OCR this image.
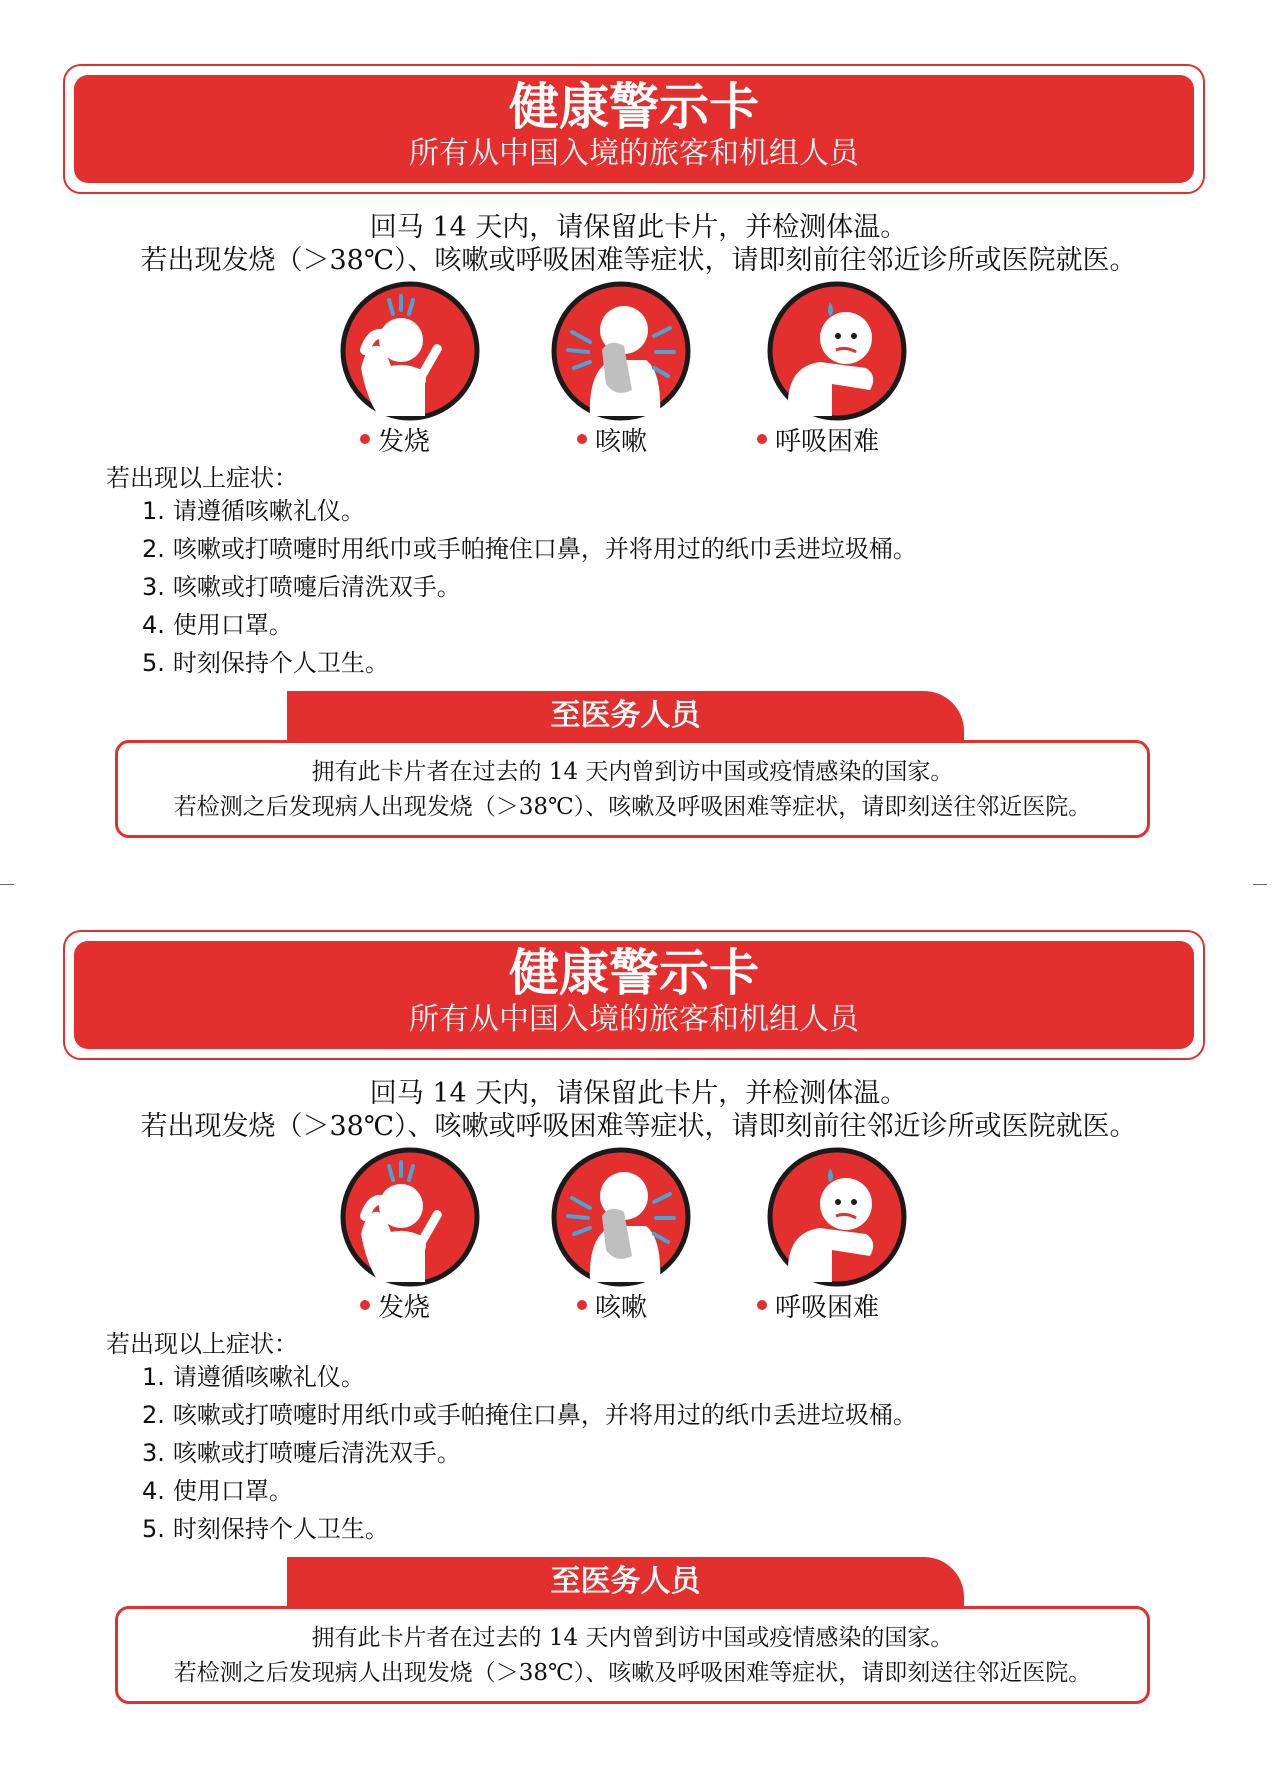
健康警示卡
所有从中国入境的旅客和机组人员
回马 14 天内，请保留此卡片，并检测体温。
若出现发烧（＞38℃）、咳嗽或呼吸困难等症状，请即刻前往邻近诊所或医院就医。
发烧	咳嗽	呼吸困难
若出现以上症状：
1. 请遵循咳嗽礼仪。
2. 咳嗽或打喷嚏时用纸巾或手帕掩住口鼻，并将用过的纸巾丢进垃圾桶。
3. 咳嗽或打喷嚏后清洗双手。
4. 使用口罩。
5. 时刻保持个人卫生。
至医务人员
拥有此卡片者在过去的 14 天内曾到访中国或疫情感染的国家。
若检测之后发现病人出现发烧（＞38℃）、咳嗽及呼吸困难等症状，请即刻送往邻近医院。
健康警示卡
所有从中国入境的旅客和机组人员
回马 14 天内，请保留此卡片，并检测体温。
若出现发烧（＞38℃）、咳嗽或呼吸困难等症状，请即刻前往邻近诊所或医院就医。
发烧	咳嗽	呼吸困难
若出现以上症状：
1. 请遵循咳嗽礼仪。
2. 咳嗽或打喷嚏时用纸巾或手帕掩住口鼻，并将用过的纸巾丢进垃圾桶。
3. 咳嗽或打喷嚏后清洗双手。
4. 使用口罩。
5. 时刻保持个人卫生。
至医务人员
拥有此卡片者在过去的 14 天内曾到访中国或疫情感染的国家。
若检测之后发现病人出现发烧（＞38℃）、咳嗽及呼吸困难等症状，请即刻送往邻近医院。
